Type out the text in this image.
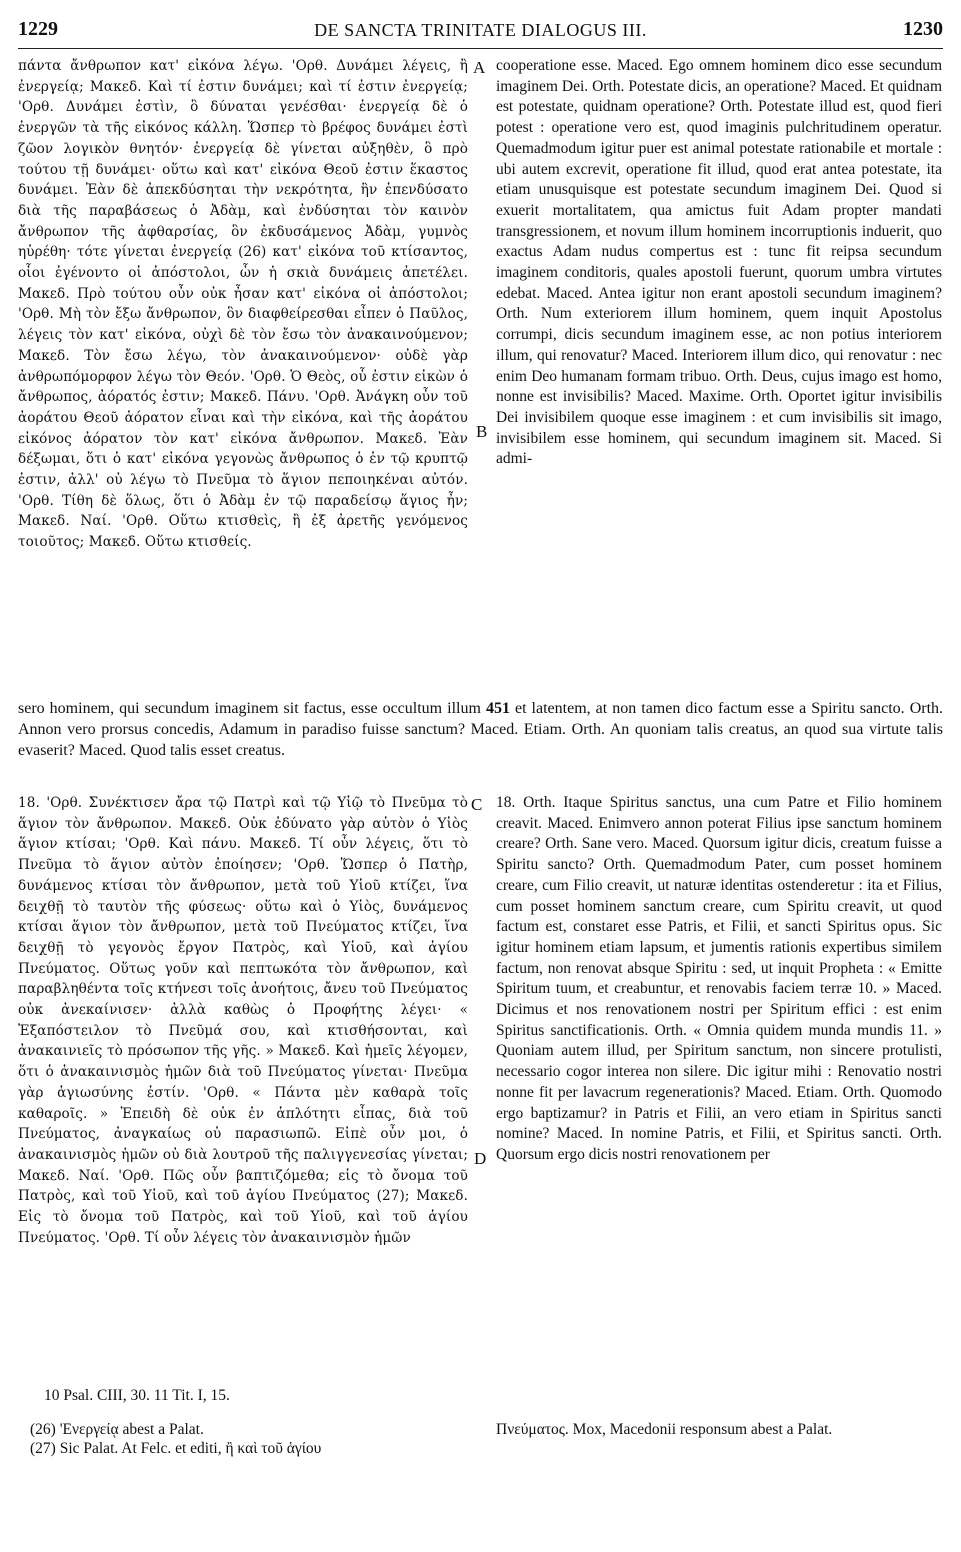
1229	DE SANCTA TRINITATE DIALOGUS III.	1230

πάντα ἄνθρωπον κατ' εἰκόνα λέγω. 'Ορθ. Δυνάμει λέγεις, ἢ ἐνεργείᾳ; Μακεδ. Καὶ τί ἐστιν δυνάμει; καὶ τί ἐστιν ἐνεργείᾳ; 'Ορθ. Δυνάμει ἐστὶν, ὃ δύναται γενέσθαι· ἐνεργείᾳ δὲ ὁ ἐνεργῶν τὰ τῆς εἰκόνος κάλλη. Ὥσπερ τὸ βρέφος δυνάμει ἐστὶ ζῶον λογικὸν θνητόν· ἐνεργείᾳ δὲ γίνεται αὐξηθὲν, ὃ πρὸ τούτου τῇ δυνάμει· οὕτω καὶ κατ' εἰκόνα Θεοῦ ἐστιν ἕκαστος δυνάμει. Ἐὰν δὲ ἀπεκδύσηται τὴν νεκρότητα, ἣν ἐπενδύσατο διὰ τῆς παραβάσεως ὁ Ἀδὰμ, καὶ ἐνδύσηται τὸν καινὸν ἄνθρωπον τῆς ἀφθαρσίας, ὃν ἐκδυσάμενος Ἀδὰμ, γυμνὸς ηὑρέθη· τότε γίνεται ἐνεργείᾳ (26) κατ' εἰκόνα τοῦ κτίσαντος, οἷοι ἐγένοντο οἱ ἀπόστολοι, ὧν ἡ σκιὰ δυνάμεις ἀπετέλει. Μακεδ. Πρὸ τούτου οὖν οὐκ ἦσαν κατ' εἰκόνα οἱ ἀπόστολοι; 'Ορθ. Μὴ τὸν ἔξω ἄνθρωπον, ὃν διαφθείρεσθαι εἶπεν ὁ Παῦλος, λέγεις τὸν κατ' εἰκόνα, οὐχὶ δὲ τὸν ἔσω τὸν ἀνακαινούμενον; Μακεδ. Τὸν ἔσω λέγω, τὸν ἀνακαινούμενον· οὐδὲ γὰρ ἀνθρωπόμορφον λέγω τὸν Θεόν. 'Ορθ. Ὁ Θεὸς, οὗ ἐστιν εἰκὼν ὁ ἄνθρωπος, ἀόρατός ἐστιν; Μακεδ. Πάνυ. 'Ορθ. Ἀνάγκη οὖν τοῦ ἀοράτου Θεοῦ ἀόρατον εἶναι καὶ τὴν εἰκόνα, καὶ τῆς ἀοράτου εἰκόνος ἀόρατον τὸν κατ' εἰκόνα ἄνθρωπον. Μακεδ. Ἐὰν δέξωμαι, ὅτι ὁ κατ' εἰκόνα γεγονὼς ἄνθρωπος ὁ ἐν τῷ κρυπτῷ ἐστιν, ἀλλ' οὐ λέγω τὸ Πνεῦμα τὸ ἅγιον πεποιηκέναι αὐτόν. 'Ορθ. Τίθη δὲ ὅλως, ὅτι ὁ Ἀδὰμ ἐν τῷ παραδείσῳ ἅγιος ἦν; Μακεδ. Ναί. 'Ορθ. Οὕτω κτισθεὶς, ἢ ἐξ ἀρετῆς γενόμενος τοιοῦτος; Μακεδ. Οὕτω κτισθείς.

cooperatione esse. Maced. Ego omnem hominem dico esse secundum imaginem Dei. Orth. Potestate dicis, an operatione? Maced. Et quidnam est potestate, quidnam operatione? Orth. Potestate illud est, quod fieri potest : operatione vero est, quod imaginis pulchritudinem operatur. Quemadmodum igitur puer est animal potestate rationabile et mortale : ubi autem excrevit, operatione fit illud, quod erat antea potestate, ita etiam unusquisque est potestate secundum imaginem Dei. Quod si exuerit mortalitatem, qua amictus fuit Adam propter mandati transgressionem, et novum illum hominem incorruptionis induerit, quo exactus Adam nudus compertus est : tunc fit reipsa secundum imaginem conditoris, quales apostoli fuerunt, quorum umbra virtutes edebat. Maced. Antea igitur non erant apostoli secundum imaginem? Orth. Num exteriorem illum hominem, quem inquit Apostolus corrumpi, dicis secundum imaginem esse, ac non potius interiorem illum, qui renovatur? Maced. Interiorem illum dico, qui renovatur : nec enim Deo humanam formam tribuo. Orth. Deus, cujus imago est homo, nonne est invisibilis? Maced. Maxime. Orth. Oportet igitur invisibilis Dei invisibilem quoque esse imaginem : et cum invisibilis sit imago, invisibilem esse hominem, qui secundum imaginem sit. Maced. Si admi-

A
B
sero hominem, qui secundum imaginem sit factus, esse occultum illum 451 et latentem, at non tamen dico factum esse a Spiritu sancto. Orth. Annon vero prorsus concedis, Adamum in paradiso fuisse sanctum? Maced. Etiam. Orth. An quoniam talis creatus, an quod sua virtute talis evaserit? Maced. Quod talis esset creatus.

18. 'Ορθ. Συνέκτισεν ἄρα τῷ Πατρὶ καὶ τῷ Υἱῷ τὸ Πνεῦμα τὸ ἅγιον τὸν ἄνθρωπον. Μακεδ. Οὐκ ἐδύνατο γὰρ αὐτὸν ὁ Υἱὸς ἅγιον κτίσαι; 'Ορθ. Καὶ πάνυ. Μακεδ. Τί οὖν λέγεις, ὅτι τὸ Πνεῦμα τὸ ἅγιον αὐτὸν ἐποίησεν; 'Ορθ. Ὥσπερ ὁ Πατὴρ, δυνάμενος κτίσαι τὸν ἄνθρωπον, μετὰ τοῦ Υἱοῦ κτίζει, ἵνα δειχθῇ τὸ ταυτὸν τῆς φύσεως· οὕτω καὶ ὁ Υἱὸς, δυνάμενος κτίσαι ἅγιον τὸν ἄνθρωπον, μετὰ τοῦ Πνεύματος κτίζει, ἵνα δειχθῇ τὸ γεγονὸς ἔργον Πατρὸς, καὶ Υἱοῦ, καὶ ἁγίου Πνεύματος. Οὕτως γοῦν καὶ πεπτωκότα τὸν ἄνθρωπον, καὶ παραβληθέντα τοῖς κτήνεσι τοῖς ἀνοήτοις, ἄνευ τοῦ Πνεύματος οὐκ ἀνεκαίνισεν· ἀλλὰ καθὼς ὁ Προφήτης λέγει· « Ἐξαπόστειλον τὸ Πνεῦμά σου, καὶ κτισθήσονται, καὶ ἀνακαινιεῖς τὸ πρόσωπον τῆς γῆς. » Μακεδ. Καὶ ἡμεῖς λέγομεν, ὅτι ὁ ἀνακαινισμὸς ἡμῶν διὰ τοῦ Πνεύματος γίνεται· Πνεῦμα γὰρ ἁγιωσύνης ἐστίν. 'Ορθ. « Πάντα μὲν καθαρὰ τοῖς καθαροῖς. » Ἐπειδὴ δὲ οὐκ ἐν ἁπλότητι εἶπας, διὰ τοῦ Πνεύματος, ἀναγκαίως οὐ παρασιωπῶ. Εἰπὲ οὖν μοι, ὁ ἀνακαινισμὸς ἡμῶν οὐ διὰ λουτροῦ τῆς παλιγγενεσίας γίνεται; Μακεδ. Ναί. 'Ορθ. Πῶς οὖν βαπτιζόμεθα; εἰς τὸ ὄνομα τοῦ Πατρὸς, καὶ τοῦ Υἱοῦ, καὶ τοῦ ἁγίου Πνεύματος (27); Μακεδ. Εἰς τὸ ὄνομα τοῦ Πατρὸς, καὶ τοῦ Υἱοῦ, καὶ τοῦ ἁγίου Πνεύματος. 'Ορθ. Τί οὖν λέγεις τὸν ἀνακαινισμὸν ἡμῶν

18. Orth. Itaque Spiritus sanctus, una cum Patre et Filio hominem creavit. Maced. Enimvero annon poterat Filius ipse sanctum hominem creare? Orth. Sane vero. Maced. Quorsum igitur dicis, creatum fuisse a Spiritu sancto? Orth. Quemadmodum Pater, cum posset hominem creare, cum Filio creavit, ut naturæ identitas ostenderetur : ita et Filius, cum posset hominem sanctum creare, cum Spiritu creavit, ut quod factum est, constaret esse Patris, et Filii, et sancti Spiritus opus. Sic igitur hominem etiam lapsum, et jumentis rationis expertibus similem factum, non renovat absque Spiritu : sed, ut inquit Propheta : « Emitte Spiritum tuum, et creabuntur, et renovabis faciem terræ 10. » Maced. Dicimus et nos renovationem nostri per Spiritum effici : est enim Spiritus sanctificationis. Orth. « Omnia quidem munda mundis 11. » Quoniam autem illud, per Spiritum sanctum, non sincere protulisti, necessario cogor interea non silere. Dic igitur mihi : Renovatio nostri nonne fit per lavacrum regenerationis? Maced. Etiam. Orth. Quomodo ergo baptizamur? in Patris et Filii, an vero etiam in Spiritus sancti nomine? Maced. In nomine Patris, et Filii, et Spiritus sancti. Orth. Quorsum ergo dicis nostri renovationem per

C
D
10 Psal. CIII, 30. 11 Tit. I, 15.

(26) 'Ενεργείᾳ abest a Palat.

(27) Sic Palat. At Felc. et editi, ἢ καὶ τοῦ ἁγίου

Πνεύματος. Mox, Macedonii responsum abest a Palat.
